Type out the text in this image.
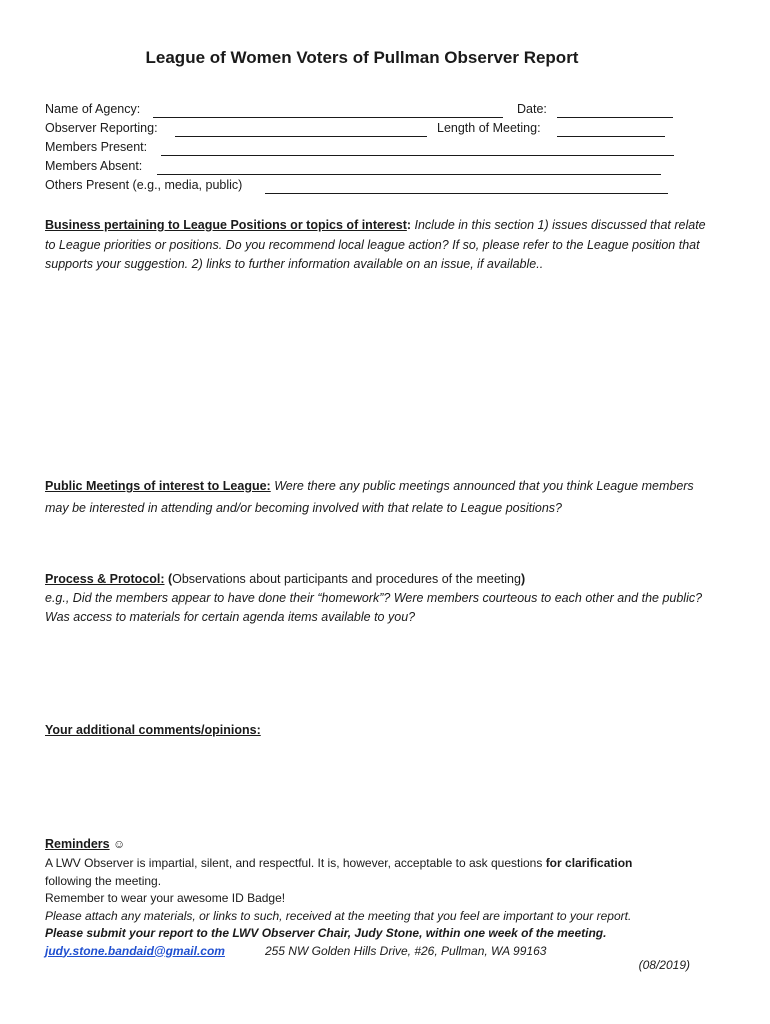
League of Women Voters of Pullman Observer Report
Name of Agency:	Date:
Observer Reporting:	Length of Meeting:
Members Present:
Members Absent:
Others Present (e.g., media, public)
Business pertaining to League Positions or topics of interest: Include in this section 1) issues discussed that relate to League priorities or positions. Do you recommend local league action? If so, please refer to the League position that supports your suggestion. 2) links to further information available on an issue, if available..
Public Meetings of interest to League: Were there any public meetings announced that you think League members may be interested in attending and/or becoming involved with that relate to League positions?
Process & Protocol: (Observations about participants and procedures of the meeting)
e.g., Did the members appear to have done their “homework”? Were members courteous to each other and the public? Was access to materials for certain agenda items available to you?
Your additional comments/opinions:
Reminders ☺
A LWV Observer is impartial, silent, and respectful. It is, however, acceptable to ask questions for clarification
following the meeting.
Remember to wear your awesome ID Badge!
Please attach any materials, or links to such, received at the meeting that you feel are important to your report.
Please submit your report to the LWV Observer Chair, Judy Stone, within one week of the meeting.
judy.stone.bandaid@gmail.com	255 NW Golden Hills Drive, #26, Pullman, WA 99163
(08/2019)
